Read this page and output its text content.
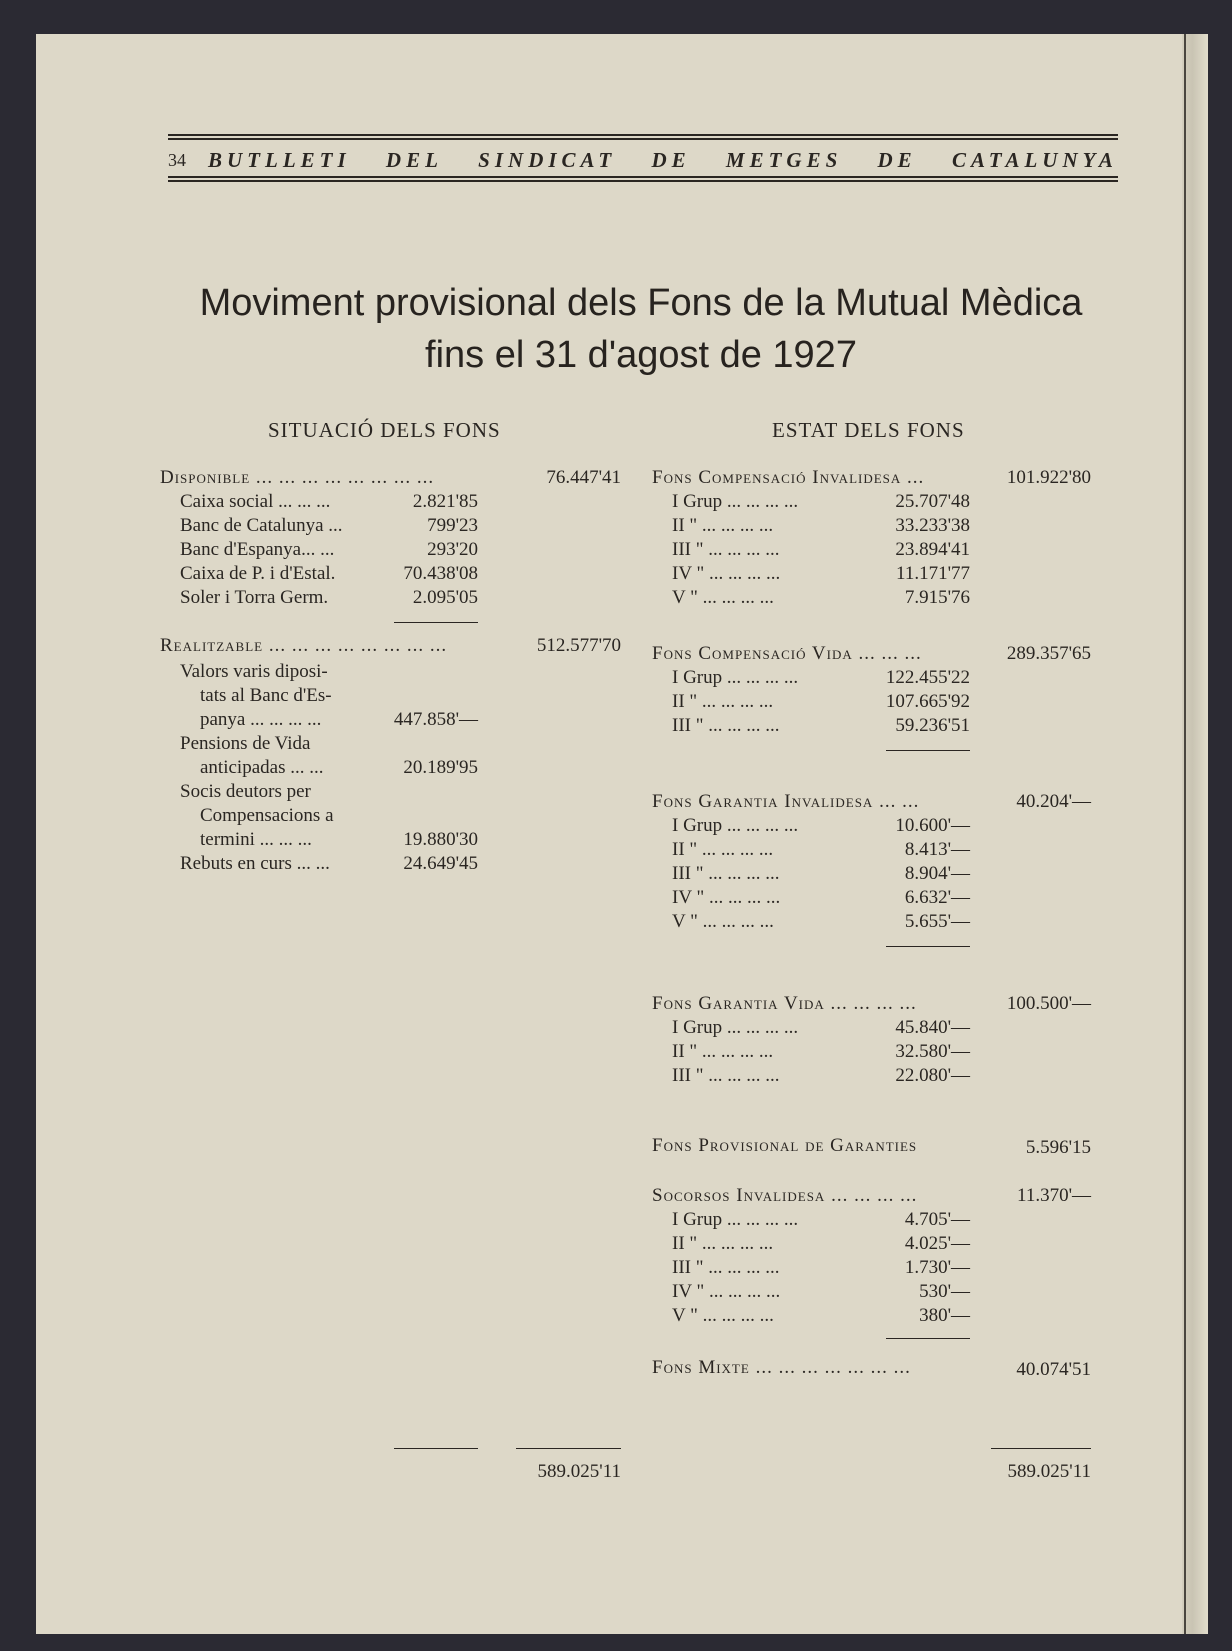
34	BUTLLETI DEL SINDICAT DE METGES DE CATALUNYA
Moviment provisional dels Fons de la Mutual Mèdica
fins el 31 d'agost de 1927
SITUACIÓ DELS FONS
Disponible ... ... ... ... ... ... ... ...	76.447'41
Caixa social ... ... ...	2.821'85
Banc de Catalunya ...	799'23
Banc d'Espanya... ...	293'20
Caixa de P. i d'Estal.	70.438'08
Soler i Torra Germ.	2.095'05
Realitzable ... ... ... ... ... ... ... ...	512.577'70
Valors varis diposi-
tats al Banc d'Es-
panya ... ... ... ...	447.858'—
Pensions de Vida
anticipadas ... ...	20.189'95
Socis deutors per
Compensacions a
termini ... ... ...	19.880'30
Rebuts en curs ... ...	24.649'45
589.025'11
ESTAT DELS FONS
Fons Compensació Invalidesa ...	101.922'80
I Grup ... ... ... ...	25.707'48
II " ... ... ... ...	33.233'38
III " ... ... ... ...	23.894'41
IV " ... ... ... ...	11.171'77
V " ... ... ... ...	7.915'76
Fons Compensació Vida ... ... ...	289.357'65
I Grup ... ... ... ...	122.455'22
II " ... ... ... ...	107.665'92
III " ... ... ... ...	59.236'51
Fons Garantia Invalidesa ... ...	40.204'—
I Grup ... ... ... ...	10.600'—
II " ... ... ... ...	8.413'—
III " ... ... ... ...	8.904'—
IV " ... ... ... ...	6.632'—
V " ... ... ... ...	5.655'—
Fons Garantia Vida ... ... ... ...	100.500'—
I Grup ... ... ... ...	45.840'—
II " ... ... ... ...	32.580'—
III " ... ... ... ...	22.080'—
Fons Provisional de Garanties	5.596'15
Socorsos Invalidesa ... ... ... ...	11.370'—
I Grup ... ... ... ...	4.705'—
II " ... ... ... ...	4.025'—
III " ... ... ... ...	1.730'—
IV " ... ... ... ...	530'—
V " ... ... ... ...	380'—
Fons Mixte ... ... ... ... ... ... ...	40.074'51
589.025'11
